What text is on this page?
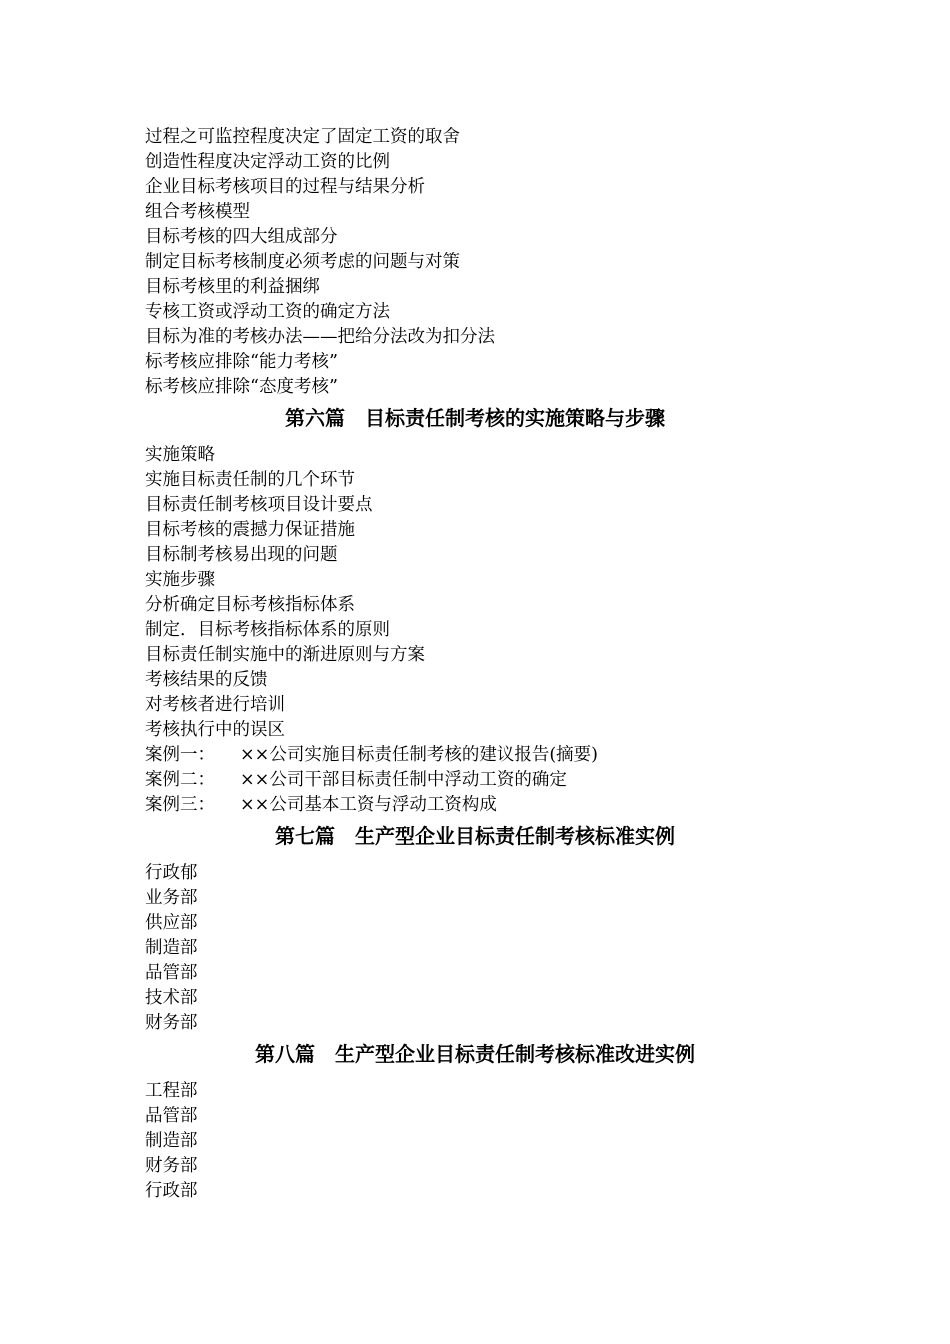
过程之可监控程度决定了固定工资的取舍
创造性程度决定浮动工资的比例
企业目标考核项目的过程与结果分析
组合考核模型
目标考核的四大组成部分
制定目标考核制度必须考虑的问题与对策
目标考核里的利益捆绑
专核工资或浮动工资的确定方法
目标为准的考核办法——把给分法改为扣分法
标考核应排除“能力考核”
标考核应排除“态度考核”
第六篇　目标责任制考核的实施策略与步骤
实施策略
实施目标责任制的几个环节
目标责任制考核项目设计要点
目标考核的震撼力保证措施
目标制考核易出现的问题
实施步骤
分析确定目标考核指标体系
制定．目标考核指标体系的原则
目标责任制实施中的渐进原则与方案
考核结果的反馈
对考核者进行培训
考核执行中的误区
案例一： ××公司实施目标责任制考核的建议报告(摘要)
案例二： ××公司干部目标责任制中浮动工资的确定
案例三： ××公司基本工资与浮动工资构成
第七篇　生产型企业目标责任制考核标准实例
行政郁
业务部
供应部
制造部
品管部
技术部
财务部
第八篇　生产型企业目标责任制考核标准改进实例
工程部
品管部
制造部
财务部
行政部
